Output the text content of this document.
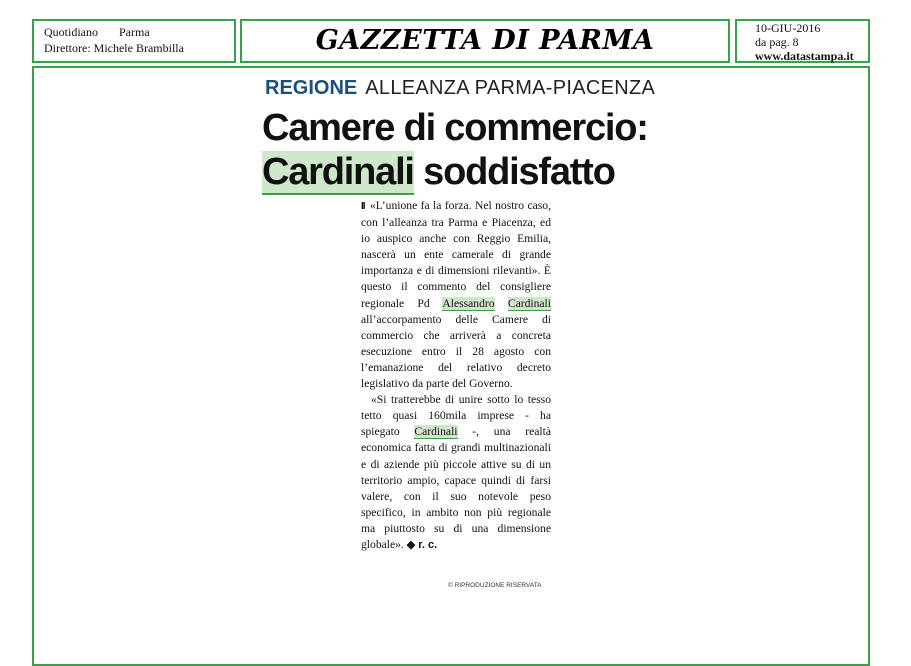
Quotidiano Parma
Direttore: Michele Brambilla	GAZZETTA DI PARMA	10-GIU-2016
da pag. 8
www.datastampa.it
REGIONE ALLEANZA PARMA-PIACENZA
Camere di commercio:
Cardinali soddisfatto

II «L’unione fa la forza. Nel nostro caso, con l’alleanza tra Parma e Piacenza, ed io auspico anche con Reggio Emilia, nascerà un ente camerale di grande importanza e di dimensioni rilevanti». È questo il commento del consigliere regionale Pd Alessandro Cardinali all’accorpamento delle Camere di commercio che arriverà a concreta esecuzione entro il 28 agosto con l’emanazione del relativo decreto legislativo da parte del Governo.

«Si tratterebbe di unire sotto lo tesso tetto quasi 160mila imprese - ha spiegato Cardinali -, una realtà economica fatta di grandi multinazionali e di aziende più piccole attive su di un territorio ampio, capace quindi di farsi valere, con il suo notevole peso specifico, in ambito non più regionale ma piuttosto su di una dimensione globale». ◆ r. c.

© RIPRODUZIONE RISERVATA
